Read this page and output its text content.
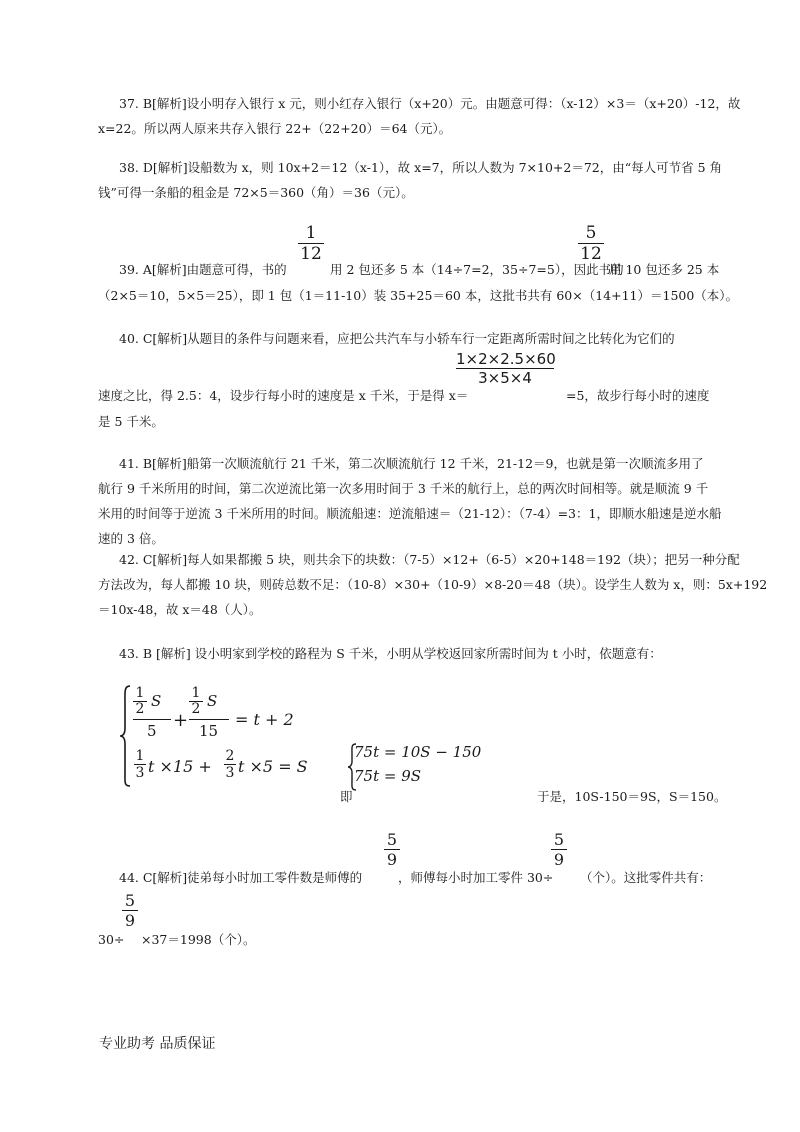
37. B[解析]设小明存入银行 x 元，则小红存入银行（x+20）元。由题意可得：（x-12）×3＝（x+20）-12，故
x=22。所以两人原来共存入银行 22+（22+20）＝64（元）。
38. D[解析]设船数为 x，则 10x+2＝12（x-1），故 x=7，所以人数为 7×10+2＝72，由“每人可节省 5 角
钱”可得一条船的租金是 72×5＝360（角）＝36（元）。
1
12
5
12
39. A[解析]由题意可得，书的	用 2 包还多 5 本（14÷7=2，35÷7=5），因此书的
用 10 包还多 25 本
（2×5＝10，5×5＝25），即 1 包（1＝11-10）装 35+25＝60 本，这批书共有 60×（14+11）＝1500（本）。
40. C[解析]从题目的条件与问题来看，应把公共汽车与小轿车行一定距离所需时间之比转化为它们的
1×2×2.5×60
3×5×4
速度之比，得 2.5：4，设步行每小时的速度是 x 千米，于是得 x＝	=5，故步行每小时的速度
是 5 千米。
41. B[解析]船第一次顺流航行 21 千米，第二次顺流航行 12 千米，21-12＝9，也就是第一次顺流多用了
航行 9 千米所用的时间，第二次逆流比第一次多用时间于 3 千米的航行上，总的两次时间相等。就是顺流 9 千
米用的时间等于逆流 3 千米所用的时间。顺流船速：逆流船速＝（21-12）：（7-4）=3：1，即顺水船速是逆水船
速的 3 倍。
42. C[解析]每人如果都搬 5 块，则共余下的块数：（7-5）×12+（6-5）×20+148＝192（块）；把另一种分配
方法改为，每人都搬 10 块，则砖总数不足：（10-8）×30+（10-9）×8-20＝48（块）。设学生人数为 x，则：5x+192
＝10x-48，故 x＝48（人）。
43. B [解析] 设小明家到学校的路程为 S 千米，小明从学校返回家所需时间为 t 小时，依题意有：
1
2 S
5 +
1
2 S
15
= t + 2
1
3 t ×15 +
2
3 t ×5 = S
75t = 10S − 150
75t = 9S
即	于是，10S-150＝9S，S＝150。
5
9
5
9
44. C[解析]徒弟每小时加工零件数是师傅的	，师傅每小时加工零件 30÷ （个）。这批零件共有：
5
9
30÷ ×37＝1998（个）。
专业助考 品质保证
